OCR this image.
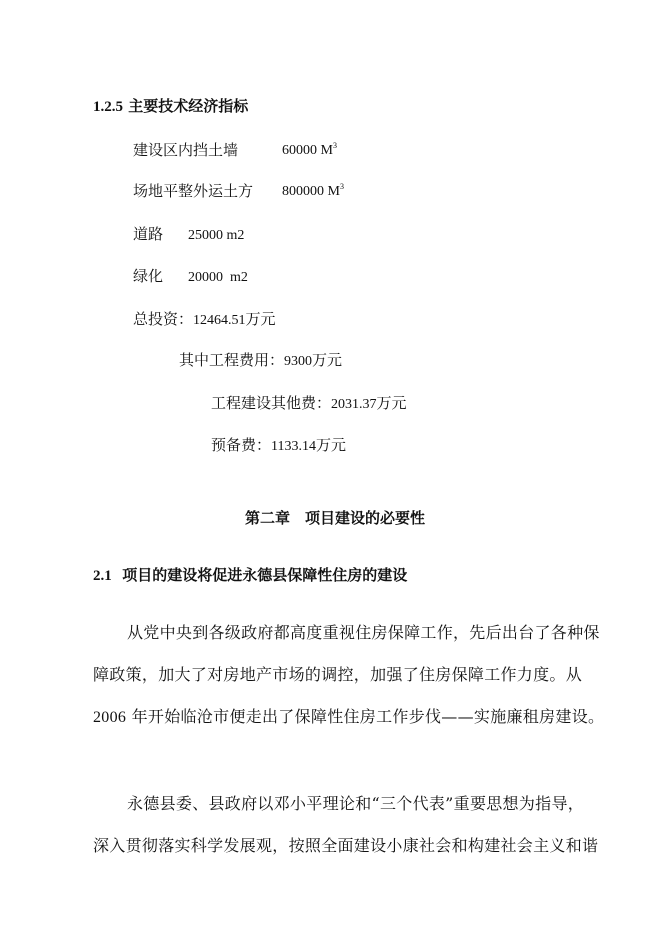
1.2.5 主要技术经济指标
建设区内挡土墙	60000 $M^3$
场地平整外运土方 800000 $M^3$
道路 25000 m2
绿化 20000 m2
总投资：12464.51万元
其中工程费用：9300万元
工程建设其他费：2031.37万元
预备费：1133.14万元
第二章　项目建设的必要性
2.1 项目的建设将促进永德县保障性住房的建设
从党中央到各级政府都高度重视住房保障工作，先后出台了各种保
障政策，加大了对房地产市场的调控，加强了住房保障工作力度。从
2006 年开始临沧市便走出了保障性住房工作步伐——实施廉租房建设。
永德县委、县政府以邓小平理论和“三个代表”重要思想为指导，
深入贯彻落实科学发展观，按照全面建设小康社会和构建社会主义和谐
